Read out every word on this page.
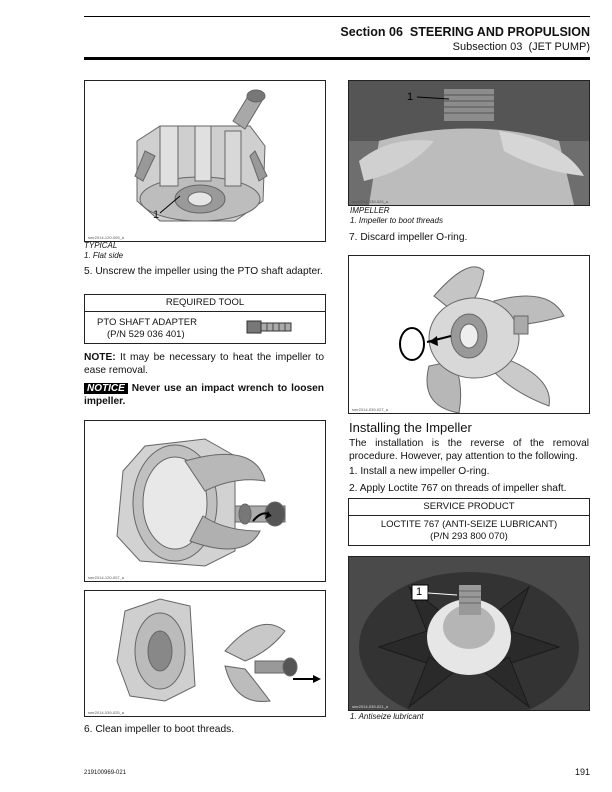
Section 06 STEERING AND PROPULSION
Subsection 03 (JET PUMP)
1
smr2014-120-005_a
TYPICAL
1. Flat side
5. Unscrew the impeller using the PTO shaft adapter.
REQUIRED TOOL
PTO SHAFT ADAPTER
(P/N 529 036 401)
NOTE: It may be necessary to heat the impeller to ease removal.
NOTICE Never use an impact wrench to loosen impeller.
smr2014-120-007_a
smr2014-039-025_a
6. Clean impeller to boot threads.
1
smr2014-039-026_a
IMPELLER
1. Impeller to boot threads
7. Discard impeller O-ring.
smr2014-039-027_a
Installing the Impeller
The installation is the reverse of the removal procedure. However, pay attention to the following.
1. Install a new impeller O-ring.
2. Apply Loctite 767 on threads of impeller shaft.
SERVICE PRODUCT
LOCTITE 767 (ANTI-SEIZE LUBRICANT)
(P/N 293 800 070)
1
smr2014-039-021_a
1. Antiseize lubricant
219100969-021	191
